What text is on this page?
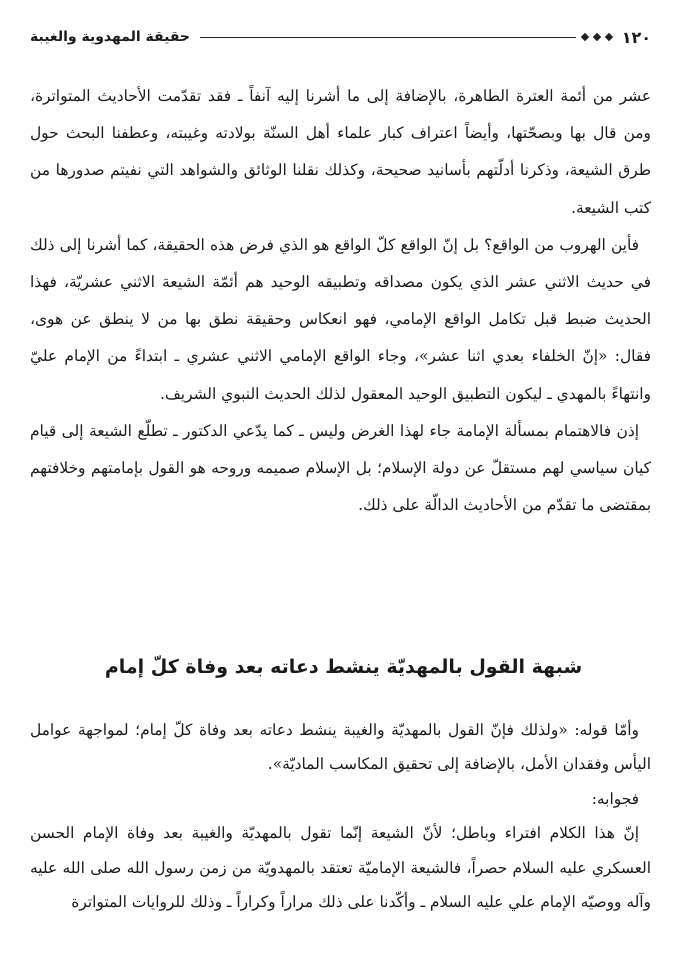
١٢٠
حقيقة المهدوية والغيبة

عشر من أئمة العترة الطاهرة، بالإضافة إلى ما أشرنا إليه آنفاً ـ فقد تقدّمت الأحاديث المتواترة، ومن قال بها وبصحّتها، وأيضاً اعتراف كبار علماء أهل السنّة بولادته وغيبته، وعطفنا البحث حول طرق الشيعة، وذكرنا أدلّتهم بأسانيد صحيحة، وكذلك نقلنا الوثائق والشواهد التي نفيتم صدورها من كتب الشيعة.

فأين الهروب من الواقع؟ بل إنّ الواقع كلّ الواقع هو الذي فرض هذه الحقيقة، كما أشرنا إلى ذلك في حديث الاثني عشر الذي يكون مصداقه وتطبيقه الوحيد هم أئمّة الشيعة الاثني عشريّة، فهذا الحديث ضبط قبل تكامل الواقع الإمامي، فهو انعكاس وحقيقة نطق بها من لا ينطق عن هوى، فقال: «إنّ الخلفاء بعدي اثنا عشر»، وجاء الواقع الإمامي الاثني عشري ـ ابتداءً من الإمام عليّ وانتهاءً بالمهدي ـ ليكون التطبيق الوحيد المعقول لذلك الحديث النبوي الشريف.

إذن فالاهتمام بمسألة الإمامة جاء لهذا الغرض وليس ـ كما يدّعي الدكتور ـ تطلّع الشيعة إلى قيام كيان سياسي لهم مستقلّ عن دولة الإسلام؛ بل الإسلام صميمه وروحه هو القول بإمامتهم وخلافتهم بمقتضى ما تقدّم من الأحاديث الدالّة على ذلك.

شبهة القول بالمهديّة ينشط دعاته بعد وفاة كلّ إمام

وأمّا قوله: «ولذلك فإنّ القول بالمهديّة والغيبة ينشط دعاته بعد وفاة كلّ إمام؛ لمواجهة عوامل اليأس وفقدان الأمل، بالإضافة إلى تحقيق المكاسب الماديّة».

فجوابه:

إنّ هذا الكلام افتراء وباطل؛ لأنّ الشيعة إنّما تقول بالمهديّة والغيبة بعد وفاة الإمام الحسن العسكري عليه السلام حصراً، فالشيعة الإماميّة تعتقد بالمهدويّة من زمن رسول الله صلى الله عليه وآله ووصيّه الإمام علي عليه السلام ـ وأكّدنا على ذلك مراراً وكراراً ـ وذلك للروايات المتواترة
